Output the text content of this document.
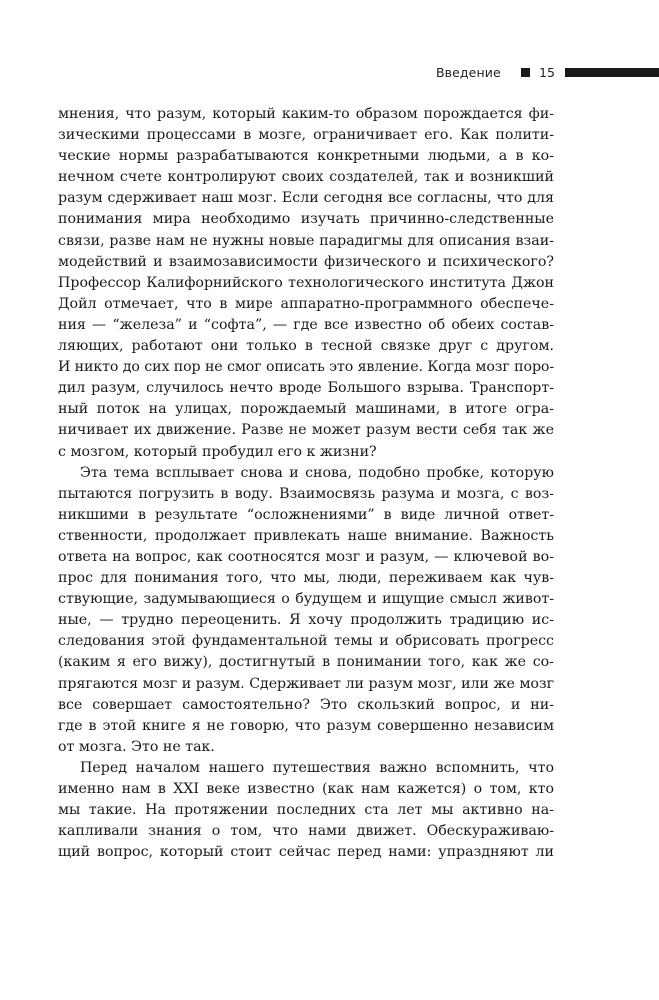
Введение	15
мнения, что разум, который каким-то образом порождается фи-
зическими процессами в мозге, ограничивает его. Как полити-
ческие нормы разрабатываются конкретными людьми, а в ко-
нечном счете контролируют своих создателей, так и возникший
разум сдерживает наш мозг. Если сегодня все согласны, что для
понимания мира необходимо изучать причинно-следственные
связи, разве нам не нужны новые парадигмы для описания взаи-
модействий и взаимозависимости физического и психического?
Профессор Калифорнийского технологического института Джон
Дойл отмечает, что в мире аппаратно-программного обеспече-
ния — “железа” и “софта”, — где все известно об обеих состав-
ляющих, работают они только в тесной связке друг с другом.
И никто до сих пор не смог описать это явление. Когда мозг поро-
дил разум, случилось нечто вроде Большого взрыва. Транспорт-
ный поток на улицах, порождаемый машинами, в итоге огра-
ничивает их движение. Разве не может разум вести себя так же
с мозгом, который пробудил его к жизни?
Эта тема всплывает снова и снова, подобно пробке, которую
пытаются погрузить в воду. Взаимосвязь разума и мозга, с воз-
никшими в результате “осложнениями” в виде личной ответ-
ственности, продолжает привлекать наше внимание. Важность
ответа на вопрос, как соотносятся мозг и разум, — ключевой во-
прос для понимания того, что мы, люди, переживаем как чув-
ствующие, задумывающиеся о будущем и ищущие смысл живот-
ные, — трудно переоценить. Я хочу продолжить традицию ис-
следования этой фундаментальной темы и обрисовать прогресс
(каким я его вижу), достигнутый в понимании того, как же со-
прягаются мозг и разум. Сдерживает ли разум мозг, или же мозг
все совершает самостоятельно? Это скользкий вопрос, и ни-
где в этой книге я не говорю, что разум совершенно независим
от мозга. Это не так.
Перед началом нашего путешествия важно вспомнить, что
именно нам в XXI веке известно (как нам кажется) о том, кто
мы такие. На протяжении последних ста лет мы активно на-
капливали знания о том, что нами движет. Обескураживаю-
щий вопрос, который стоит сейчас перед нами: упраздняют ли
